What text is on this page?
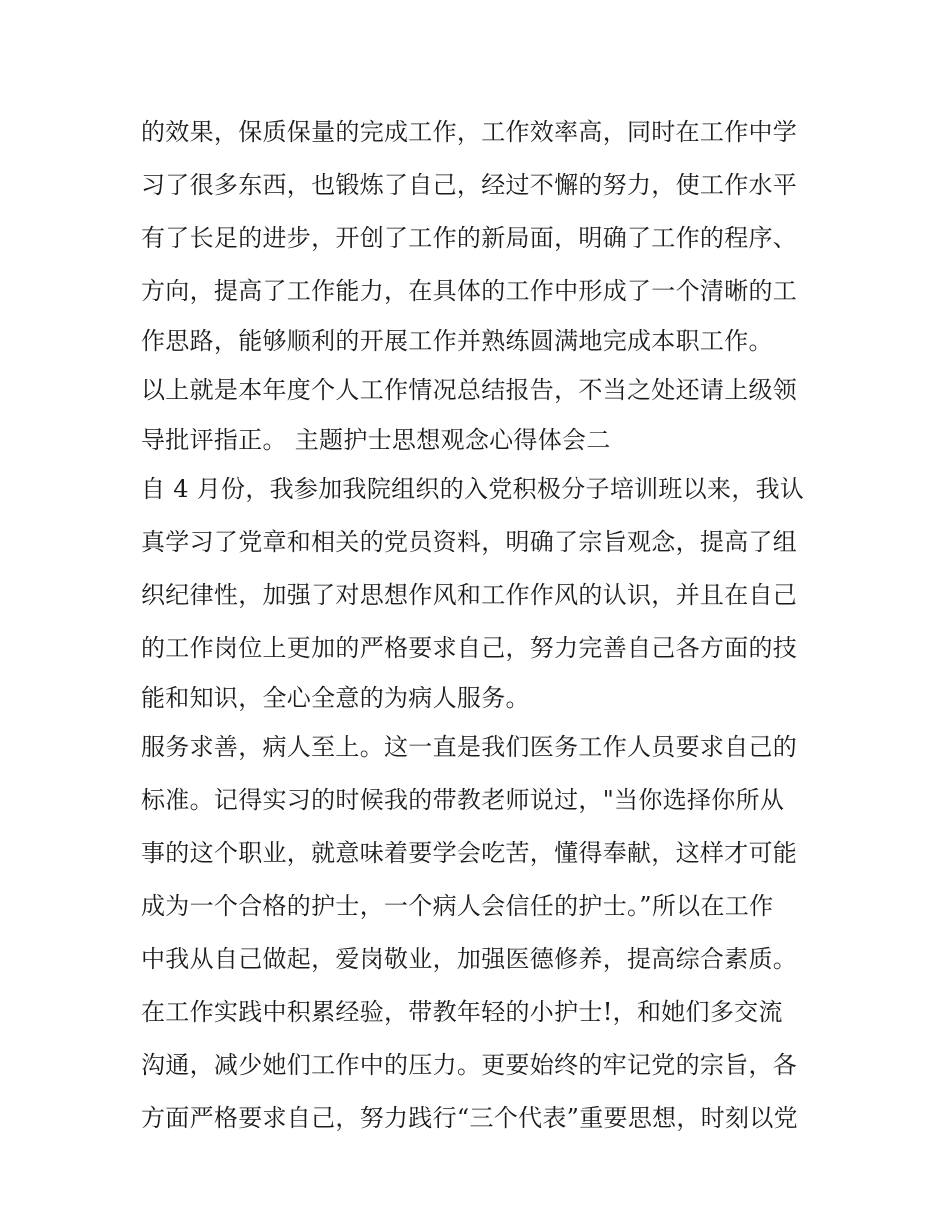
的效果，保质保量的完成工作，工作效率高，同时在工作中学
习了很多东西，也锻炼了自己，经过不懈的努力，使工作水平
有了长足的进步，开创了工作的新局面，明确了工作的程序、
方向，提高了工作能力，在具体的工作中形成了一个清晰的工
作思路，能够顺利的开展工作并熟练圆满地完成本职工作。
以上就是本年度个人工作情况总结报告，不当之处还请上级领
导批评指正。 主题护士思想观念心得体会二
自 4 月份，我参加我院组织的入党积极分子培训班以来，我认
真学习了党章和相关的党员资料，明确了宗旨观念，提高了组
织纪律性，加强了对思想作风和工作作风的认识，并且在自己
的工作岗位上更加的严格要求自己，努力完善自己各方面的技
能和知识，全心全意的为病人服务。
服务求善，病人至上。这一直是我们医务工作人员要求自己的
标准。记得实习的时候我的带教老师说过，"当你选择你所从
事的这个职业，就意味着要学会吃苦，懂得奉献，这样才可能
成为一个合格的护士，一个病人会信任的护士。”所以在工作
中我从自己做起，爱岗敬业，加强医德修养，提高综合素质。
在工作实践中积累经验，带教年轻的小护士!，和她们多交流
沟通，减少她们工作中的压力。更要始终的牢记党的宗旨，各
方面严格要求自己，努力践行“三个代表”重要思想，时刻以党
